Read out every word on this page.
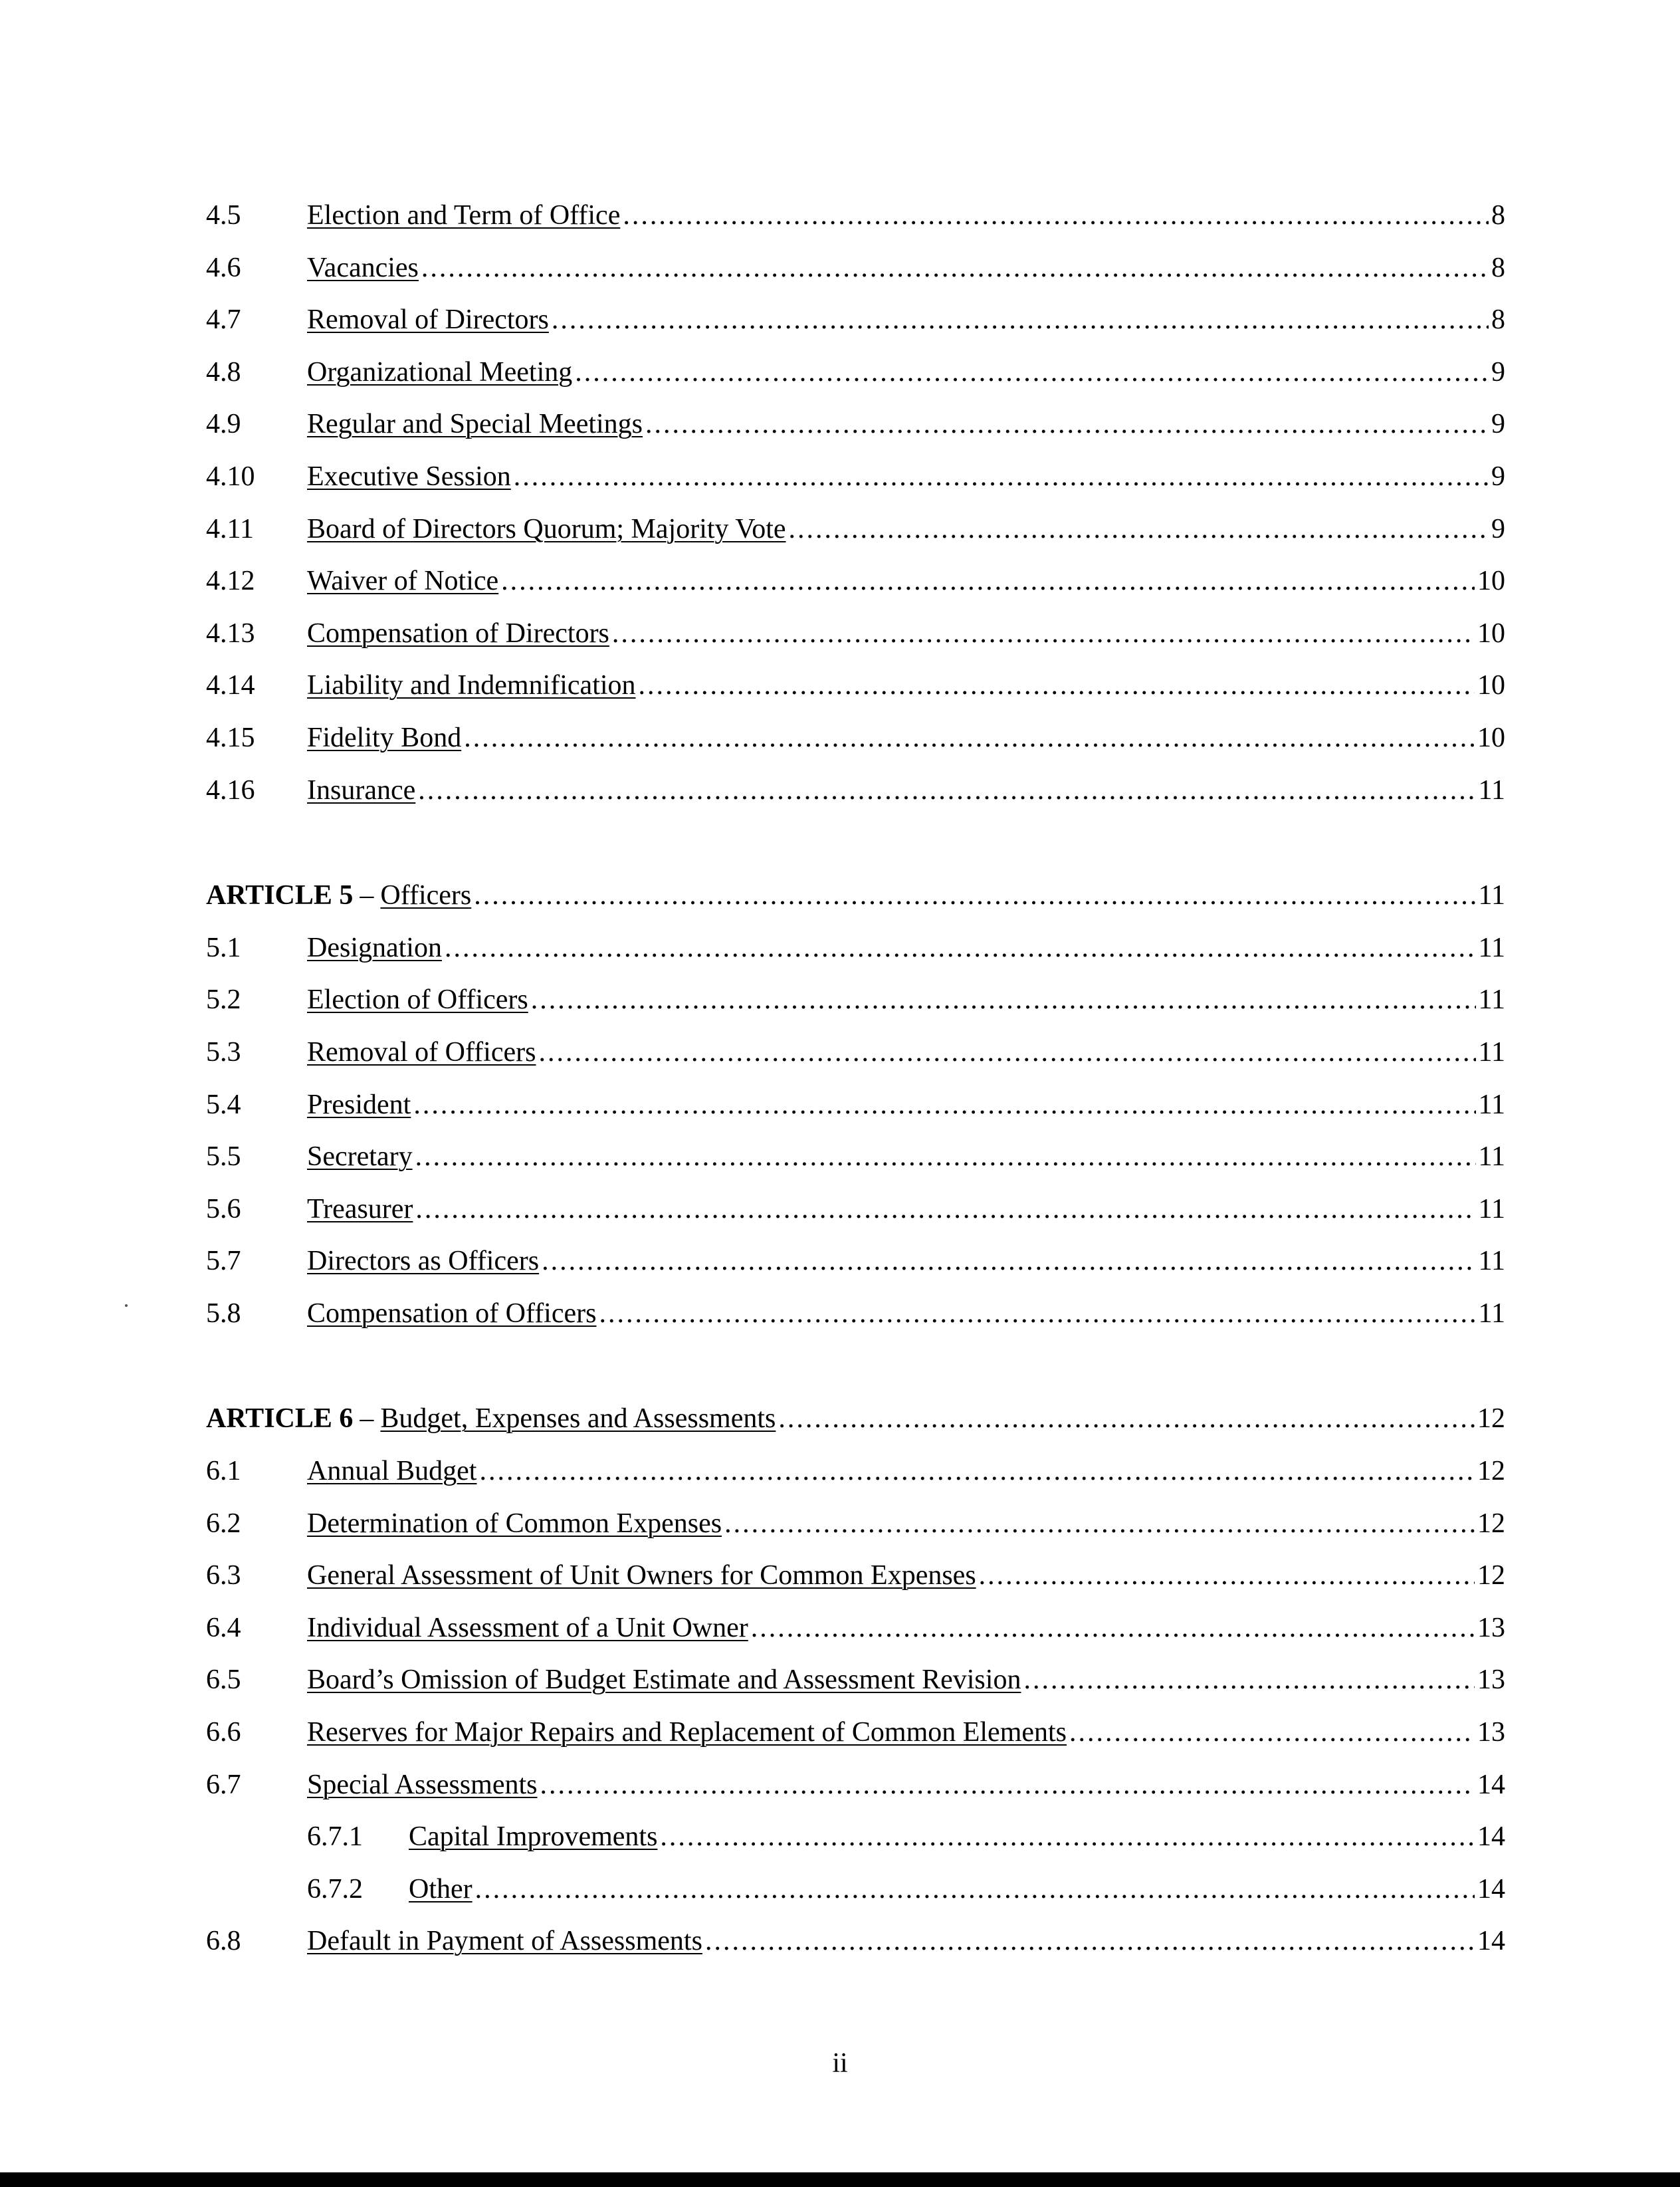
4.5 Election and Term of Office .....	8
4.6 Vacancies .....	8
4.7 Removal of Directors .....	8
4.8 Organizational Meeting .....	9
4.9 Regular and Special Meetings .....	9
4.10 Executive Session .....	9
4.11 Board of Directors Quorum; Majority Vote .....	9
4.12 Waiver of Notice .....	10
4.13 Compensation of Directors .....	10
4.14 Liability and Indemnification .....	10
4.15 Fidelity Bond .....	10
4.16 Insurance .....	11
ARTICLE 5 – Officers .....	11
5.1 Designation .....	11
5.2 Election of Officers .....	11
5.3 Removal of Officers .....	11
5.4 President .....	11
5.5 Secretary .....	11
5.6 Treasurer .....	11
5.7 Directors as Officers .....	11
5.8 Compensation of Officers .....	11
ARTICLE 6 – Budget, Expenses and Assessments .....	12
6.1 Annual Budget .....	12
6.2 Determination of Common Expenses .....	12
6.3 General Assessment of Unit Owners for Common Expenses .....	12
6.4 Individual Assessment of a Unit Owner .....	13
6.5 Board’s Omission of Budget Estimate and Assessment Revision .....	13
6.6 Reserves for Major Repairs and Replacement of Common Elements .....	13
6.7 Special Assessments .....	14
6.7.1 Capital Improvements .....	14
6.7.2 Other .....	14
6.8 Default in Payment of Assessments .....	14
ii
